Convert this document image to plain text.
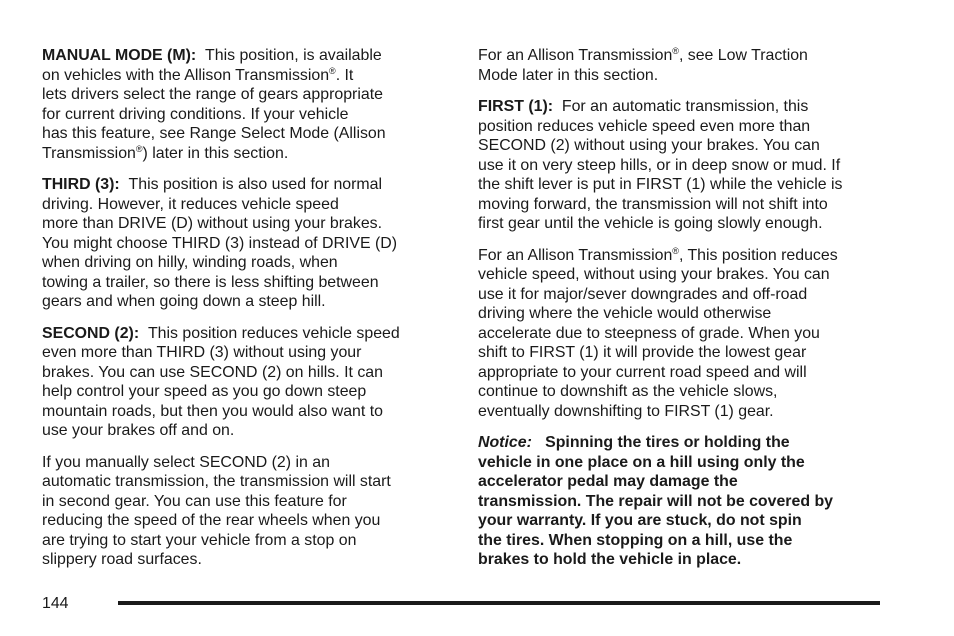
MANUAL MODE (M): This position, is available
on vehicles with the Allison Transmission®. It
lets drivers select the range of gears appropriate
for current driving conditions. If your vehicle
has this feature, see Range Select Mode (Allison
Transmission®) later in this section.

THIRD (3): This position is also used for normal
driving. However, it reduces vehicle speed
more than DRIVE (D) without using your brakes.
You might choose THIRD (3) instead of DRIVE (D)
when driving on hilly, winding roads, when
towing a trailer, so there is less shifting between
gears and when going down a steep hill.

SECOND (2): This position reduces vehicle speed
even more than THIRD (3) without using your
brakes. You can use SECOND (2) on hills. It can
help control your speed as you go down steep
mountain roads, but then you would also want to
use your brakes off and on.

If you manually select SECOND (2) in an
automatic transmission, the transmission will start
in second gear. You can use this feature for
reducing the speed of the rear wheels when you
are trying to start your vehicle from a stop on
slippery road surfaces.

For an Allison Transmission®, see Low Traction
Mode later in this section.

FIRST (1): For an automatic transmission, this
position reduces vehicle speed even more than
SECOND (2) without using your brakes. You can
use it on very steep hills, or in deep snow or mud. If
the shift lever is put in FIRST (1) while the vehicle is
moving forward, the transmission will not shift into
first gear until the vehicle is going slowly enough.

For an Allison Transmission®, This position reduces
vehicle speed, without using your brakes. You can
use it for major/sever downgrades and off-road
driving where the vehicle would otherwise
accelerate due to steepness of grade. When you
shift to FIRST (1) it will provide the lowest gear
appropriate to your current road speed and will
continue to downshift as the vehicle slows,
eventually downshifting to FIRST (1) gear.

Notice: Spinning the tires or holding the
vehicle in one place on a hill using only the
accelerator pedal may damage the
transmission. The repair will not be covered by
your warranty. If you are stuck, do not spin
the tires. When stopping on a hill, use the
brakes to hold the vehicle in place.

144
